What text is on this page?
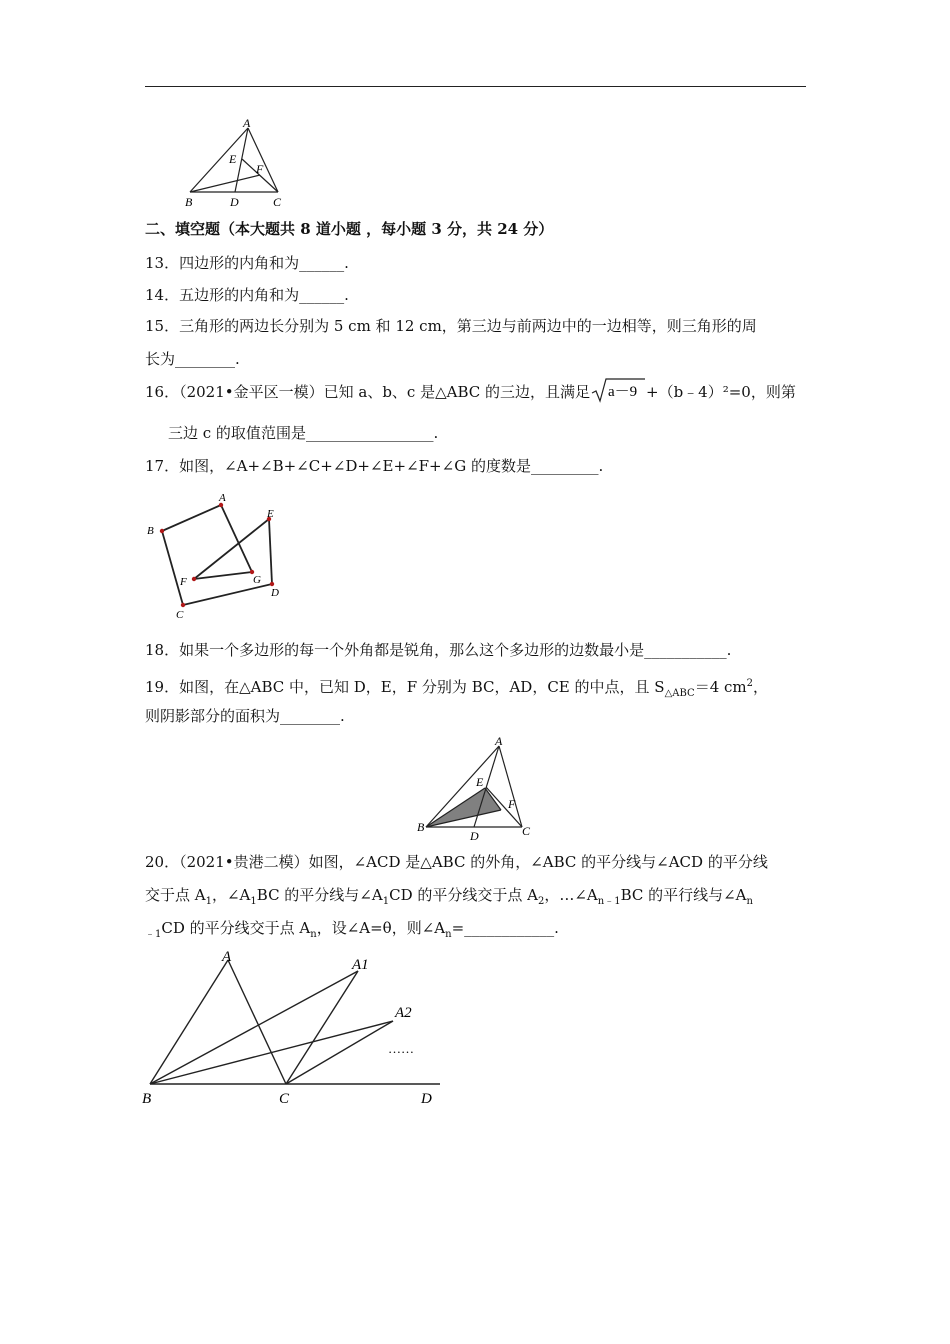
A
E
F
B	D	C
二、填空题（本大题共 8 道小题 ，每小题 3 分，共 24 分）
13．四边形的内角和为______.
14．五边形的内角和为______.
15．三角形的两边长分别为 5 cm 和 12 cm，第三边与前两边中的一边相等，则三角形的周
长为________.
16．（2021•金平区一模）已知 a、b、c 是△ABC 的三边，且满足 a－9 +（b﹣4）²=0，则第
三边 c 的取值范围是_________________.
17．如图，∠A+∠B+∠C+∠D+∠E+∠F+∠G 的度数是_________.
A
B
E
F	G
D
C
18．如果一个多边形的每一个外角都是锐角，那么这个多边形的边数最小是___________.
19．如图，在△ABC 中，已知 D，E，F 分别为 BC，AD，CE 的中点，且 $S_{\triangle ABC}=4$ $cm^2$，
则阴影部分的面积为________.
A
E
F
B
D	C
20．（2021•贵港二模）如图，∠ACD 是△ABC 的外角，∠ABC 的平分线与∠ACD 的平分线
交于点 $A_1$，$\angle A_1BC$ 的平分线与$\angle A_1CD$ 的平分线交于点 $A_2$，$\dots\angle A_{n﹣1}BC$ 的平行线与$\angle A_n$
$_{﹣1}$CD 的平分线交于点 $A_n$，设∠A=θ，则$\angle A_n=\_\_\_\_\_\_\_\_\_\_\_\_$.
A	A1
A2
……
B	C	D
